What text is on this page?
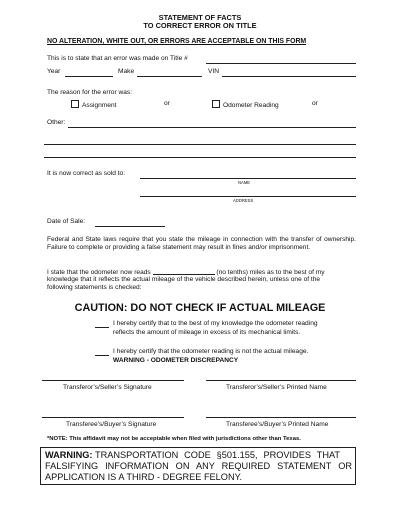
STATEMENT OF FACTS
TO CORRECT ERROR ON TITLE
NO ALTERATION, WHITE OUT, OR ERRORS ARE ACCEPTABLE ON THIS FORM
This is to state that an error was made on Title #
Year	Make	VIN
The reason for the error was:
Assignment	or	Odometer Reading	or
Other:
It is now correct as sold to:
NAME
ADDRESS
Date of Sale:
Federal and State laws require that you state the mileage in connection with the transfer of ownership. Failure to complete or providing a false statement may result in fines and/or imprisonment.
I state that the odometer now reads	(no tenths) miles as to the best of my
knowledge that it reflects the actual mileage of the vehicle described herein, unless one of the
following statements is checked:
CAUTION: DO NOT CHECK IF ACTUAL MILEAGE
I hereby certify that to the best of my knowledge the odometer reading
reflects the amount of mileage in excess of its mechanical limits.
I hereby certify that the odometer reading is not the actual mileage.
WARNING - ODOMETER DISCREPANCY
Transferor’s/Seller’s Signature	Transferor’s/Seller’s Printed Name
Transferee’s/Buyer’s Signature	Transferee’s/Buyer’s Printed Name
*NOTE: This affidavit may not be acceptable when filed with jurisdictions other than Texas.
WARNING: TRANSPORTATION CODE §501.155, PROVIDES THAT
FALSIFYING INFORMATION ON ANY REQUIRED STATEMENT OR
APPLICATION IS A THIRD - DEGREE FELONY.
